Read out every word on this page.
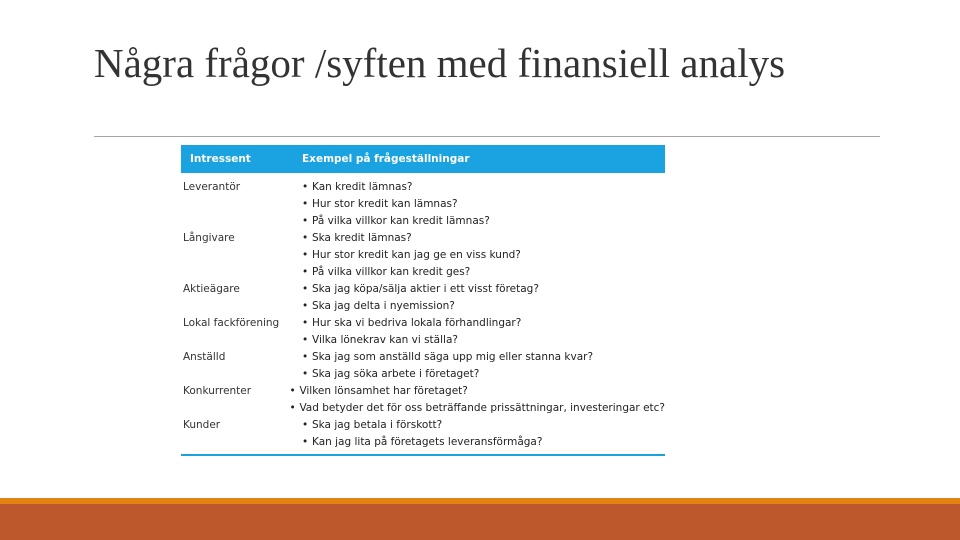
Några frågor /syften med finansiell analys
Intressent	Exempel på frågeställningar
Leverantör	• Kan kredit lämnas?
• Hur stor kredit kan lämnas?
• På vilka villkor kan kredit lämnas?
Långivare	• Ska kredit lämnas?
• Hur stor kredit kan jag ge en viss kund?
• På vilka villkor kan kredit ges?
Aktieägare	• Ska jag köpa/sälja aktier i ett visst företag?
• Ska jag delta i nyemission?
Lokal fackförening	• Hur ska vi bedriva lokala förhandlingar?
• Vilka lönekrav kan vi ställa?
Anställd	• Ska jag som anställd säga upp mig eller stanna kvar?
• Ska jag söka arbete i företaget?
Konkurrenter	• Vilken lönsamhet har företaget?
• Vad betyder det för oss beträffande prissättningar, investeringar etc?
Kunder	• Ska jag betala i förskott?
• Kan jag lita på företagets leveransförmåga?
